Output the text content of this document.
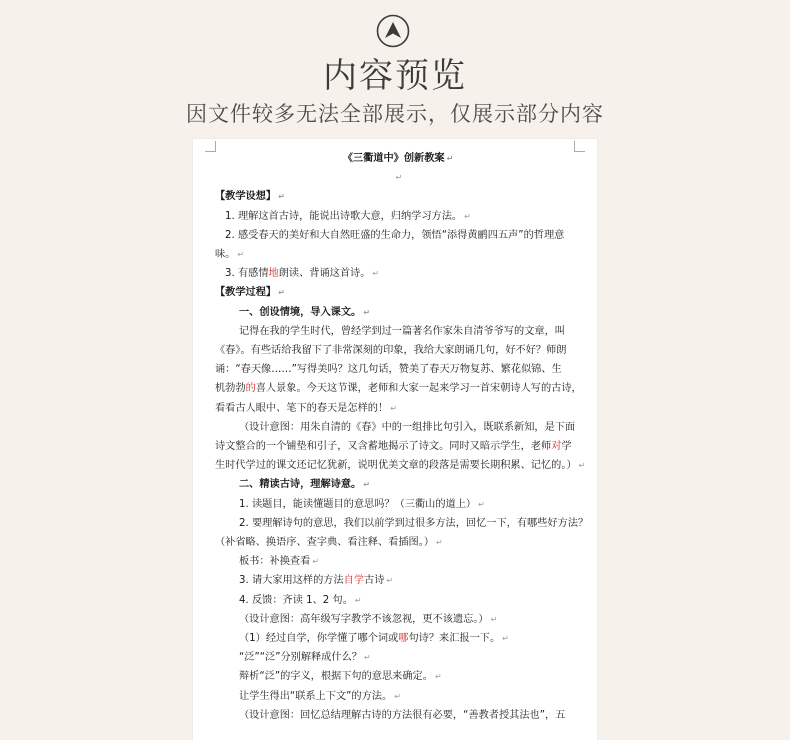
内容预览
因文件较多无法全部展示，仅展示部分内容
《三衢道中》创新教案 ↵
↵
【教学设想】 ↵
1. 理解这首古诗，能说出诗歌大意，归纳学习方法。 ↵
2. 感受春天的美好和大自然旺盛的生命力，领悟“添得黄鹂四五声”的哲理意
味。 ↵
3. 有感情地朗读、背诵这首诗。 ↵
【教学过程】 ↵
一、创设情境，导入课文。 ↵
记得在我的学生时代，曾经学到过一篇著名作家朱自清爷爷写的文章，叫
《春》。有些话给我留下了非常深刻的印象，我给大家朗诵几句，好不好？师朗
诵：“春天像……”写得美吗？这几句话，赞美了春天万物复苏、繁花似锦、生
机勃勃的喜人景象。今天这节课，老师和大家一起来学习一首宋朝诗人写的古诗，
看看古人眼中、笔下的春天是怎样的！ ↵
（设计意图：用朱自清的《春》中的一组排比句引入，既联系新知，是下面
诗文整合的一个铺垫和引子，又含蓄地揭示了诗文。同时又暗示学生，老师对学
生时代学过的课文还记忆犹新，说明优美文章的段落是需要长期积累、记忆的。） ↵
二、精读古诗，理解诗意。 ↵
1. 读题目，能读懂题目的意思吗？（三衢山的道上） ↵
2. 要理解诗句的意思，我们以前学到过很多方法，回忆一下，有哪些好方法？
（补省略、换语序、查字典、看注释、看插图。） ↵
板书：补换查看 ↵
3. 请大家用这样的方法自学古诗 ↵
4. 反馈：齐读 1、2 句。 ↵
（设计意图：高年级写字教学不该忽视，更不该遗忘。） ↵
（1）经过自学，你学懂了哪个词或哪句诗？来汇报一下。 ↵
“泛”“泛”分别解释成什么？ ↵
辩析“泛”的字义，根据下句的意思来确定。 ↵
让学生得出“联系上下文”的方法。 ↵
（设计意图：回忆总结理解古诗的方法很有必要，“善教者授其法也”，五
